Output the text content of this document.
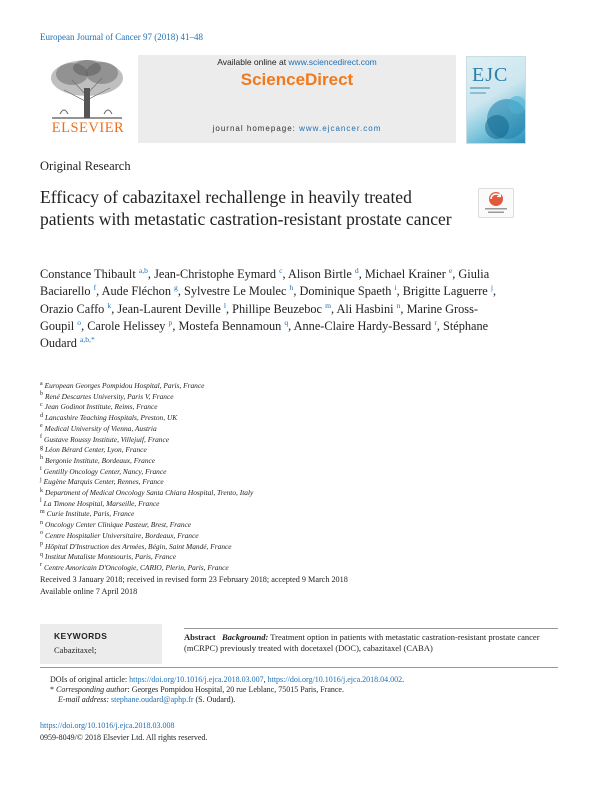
European Journal of Cancer 97 (2018) 41–48
ELSEVIER
Available online at www.sciencedirect.com
ScienceDirect
journal homepage: www.ejcancer.com
EJC
Original Research
Efficacy of cabazitaxel rechallenge in heavily treated patients with metastatic castration-resistant prostate cancer
Constance Thibault $^{a,b}$, Jean-Christophe Eymard $^c$, Alison Birtle $^d$, Michael Krainer $^e$, Giulia Baciarello $^f$, Aude Fléchon $^g$, Sylvestre Le Moulec $^h$, Dominique Spaeth $^i$, Brigitte Laguerre $^j$, Orazio Caffo $^k$, Jean-Laurent Deville $^l$, Phillipe Beuzeboc $^m$, Ali Hasbini $^n$, Marine Gross-Goupil $^o$, Carole Helissey $^p$, Mostefa Bennamoun $^q$, Anne-Claire Hardy-Bessard $^r$, Stéphane Oudard $^{a,b,*}$
$^a$ European Georges Pompidou Hospital, Paris, France
$^b$ René Descartes University, Paris V, France
$^c$ Jean Godinot Institute, Reims, France
$^d$ Lancashire Teaching Hospitals, Preston, UK
$^e$ Medical University of Vienna, Austria
$^f$ Gustave Roussy Institute, Villejuif, France
$^g$ Léon Bérard Center, Lyon, France
$^h$ Bergonie Institute, Bordeaux, France
$^i$ Gentilly Oncology Center, Nancy, France
$^j$ Eugène Marquis Center, Rennes, France
$^k$ Department of Medical Oncology Santa Chiara Hospital, Trento, Italy
$^l$ La Timone Hospital, Marseille, France
$^m$ Curie Institute, Paris, France
$^n$ Oncology Center Clinique Pasteur, Brest, France
$^o$ Centre Hospitalier Universitaire, Bordeaux, France
$^p$ Hôpital D'Instruction des Armées, Bégin, Saint Mandé, France
$^q$ Institut Mutaliste Montsouris, Paris, France
$^r$ Centre Amoricain D'Oncologie, CARIO, Plerin, Paris, France
Received 3 January 2018; received in revised form 23 February 2018; accepted 9 March 2018
Available online 7 April 2018
KEYWORDS
Cabazitaxel;
Abstract Background: Treatment option in patients with metastatic castration-resistant prostate cancer (mCRPC) previously treated with docetaxel (DOC), cabazitaxel (CABA)
DOIs of original article: https://doi.org/10.1016/j.ejca.2018.03.007, https://doi.org/10.1016/j.ejca.2018.04.002.
* Corresponding author: Georges Pompidou Hospital, 20 rue Leblanc, 75015 Paris, France.
E-mail address: stephane.oudard@aphp.fr (S. Oudard).
https://doi.org/10.1016/j.ejca.2018.03.008
0959-8049/© 2018 Elsevier Ltd. All rights reserved.
